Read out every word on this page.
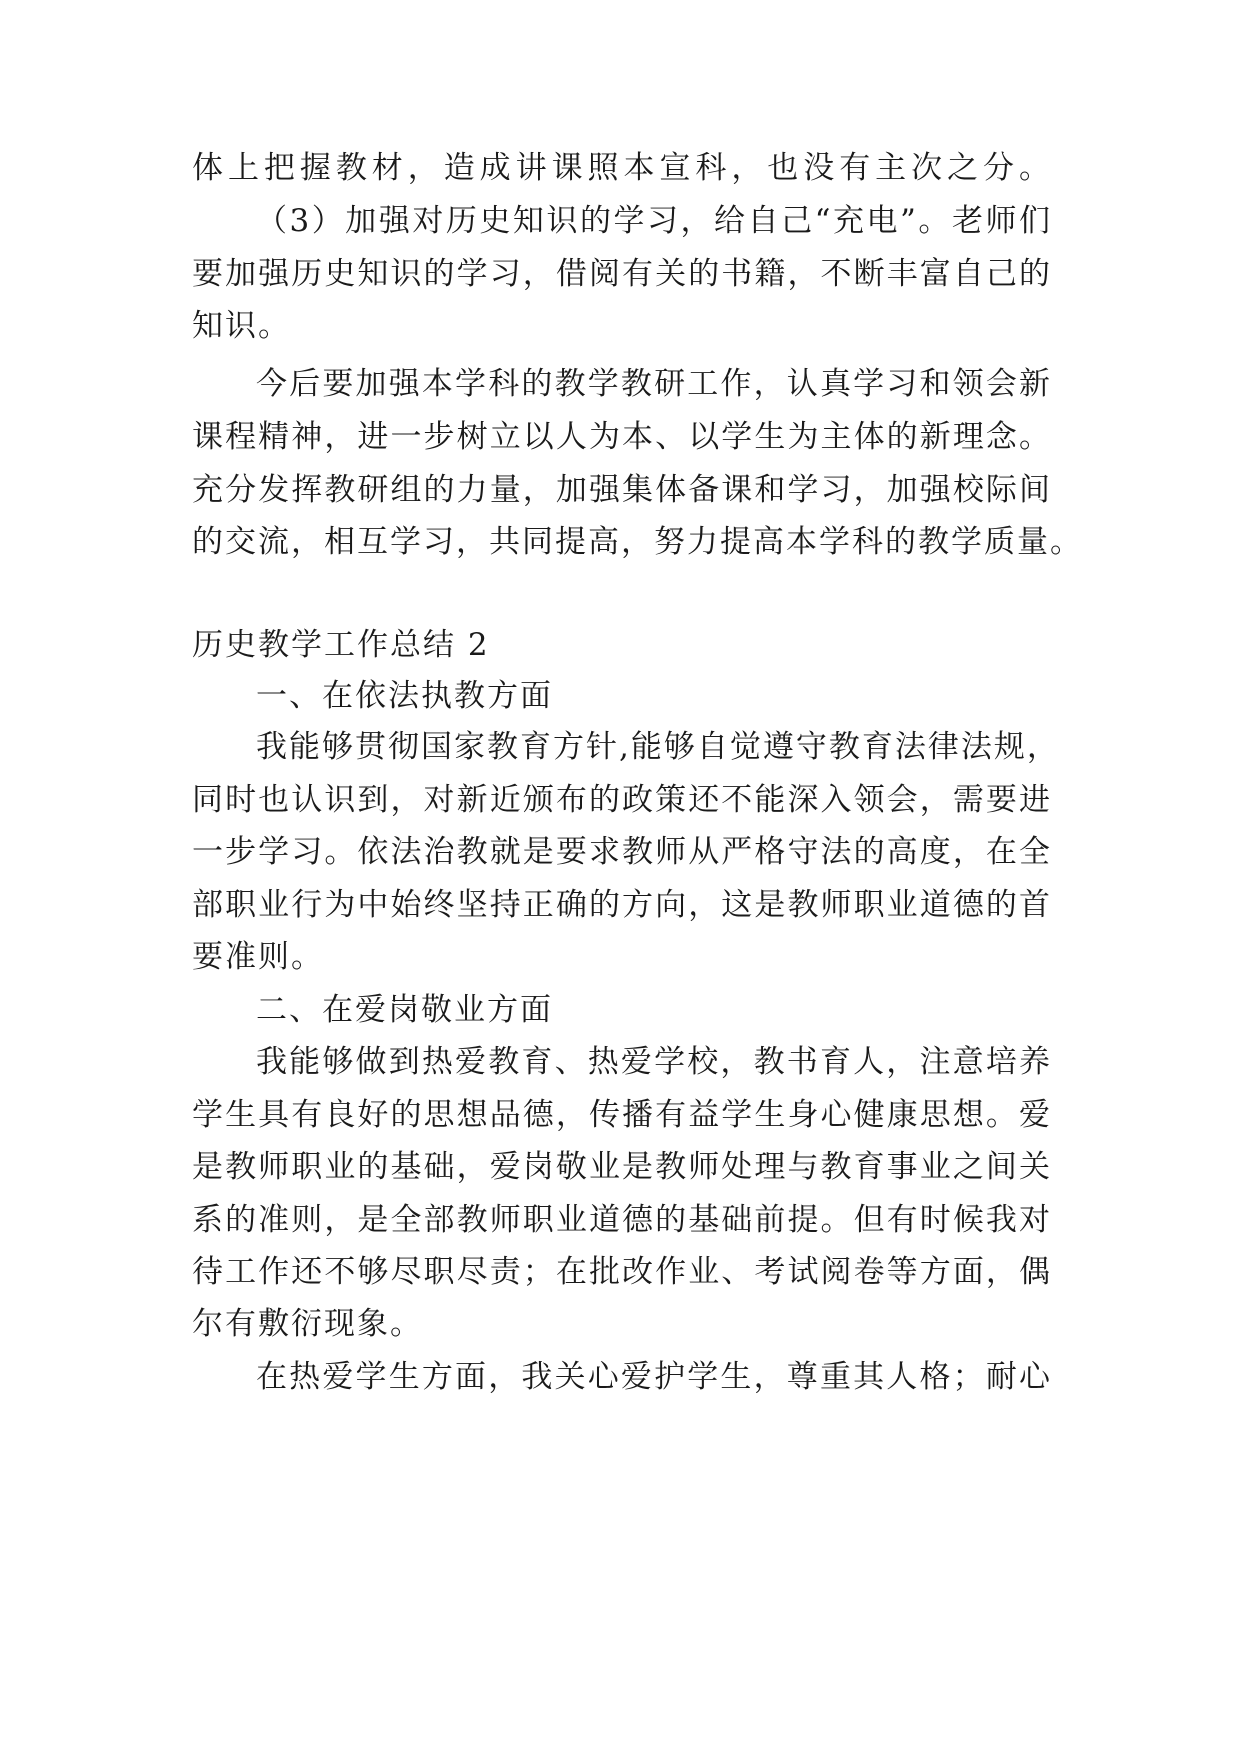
体上把握教材，造成讲课照本宣科，也没有主次之分。
（3）加强对历史知识的学习，给自己“充电”。老师们
要加强历史知识的学习，借阅有关的书籍，不断丰富自己的
知识。
今后要加强本学科的教学教研工作，认真学习和领会新
课程精神，进一步树立以人为本、以学生为主体的新理念。
充分发挥教研组的力量，加强集体备课和学习，加强校际间
的交流，相互学习，共同提高，努力提高本学科的教学质量。
历史教学工作总结 2
一、在依法执教方面
我能够贯彻国家教育方针,能够自觉遵守教育法律法规，
同时也认识到，对新近颁布的政策还不能深入领会，需要进
一步学习。依法治教就是要求教师从严格守法的高度，在全
部职业行为中始终坚持正确的方向，这是教师职业道德的首
要准则。
二、在爱岗敬业方面
我能够做到热爱教育、热爱学校，教书育人，注意培养
学生具有良好的思想品德，传播有益学生身心健康思想。爱
是教师职业的基础，爱岗敬业是教师处理与教育事业之间关
系的准则，是全部教师职业道德的基础前提。但有时候我对
待工作还不够尽职尽责；在批改作业、考试阅卷等方面，偶
尔有敷衍现象。
在热爱学生方面，我关心爱护学生，尊重其人格；耐心
